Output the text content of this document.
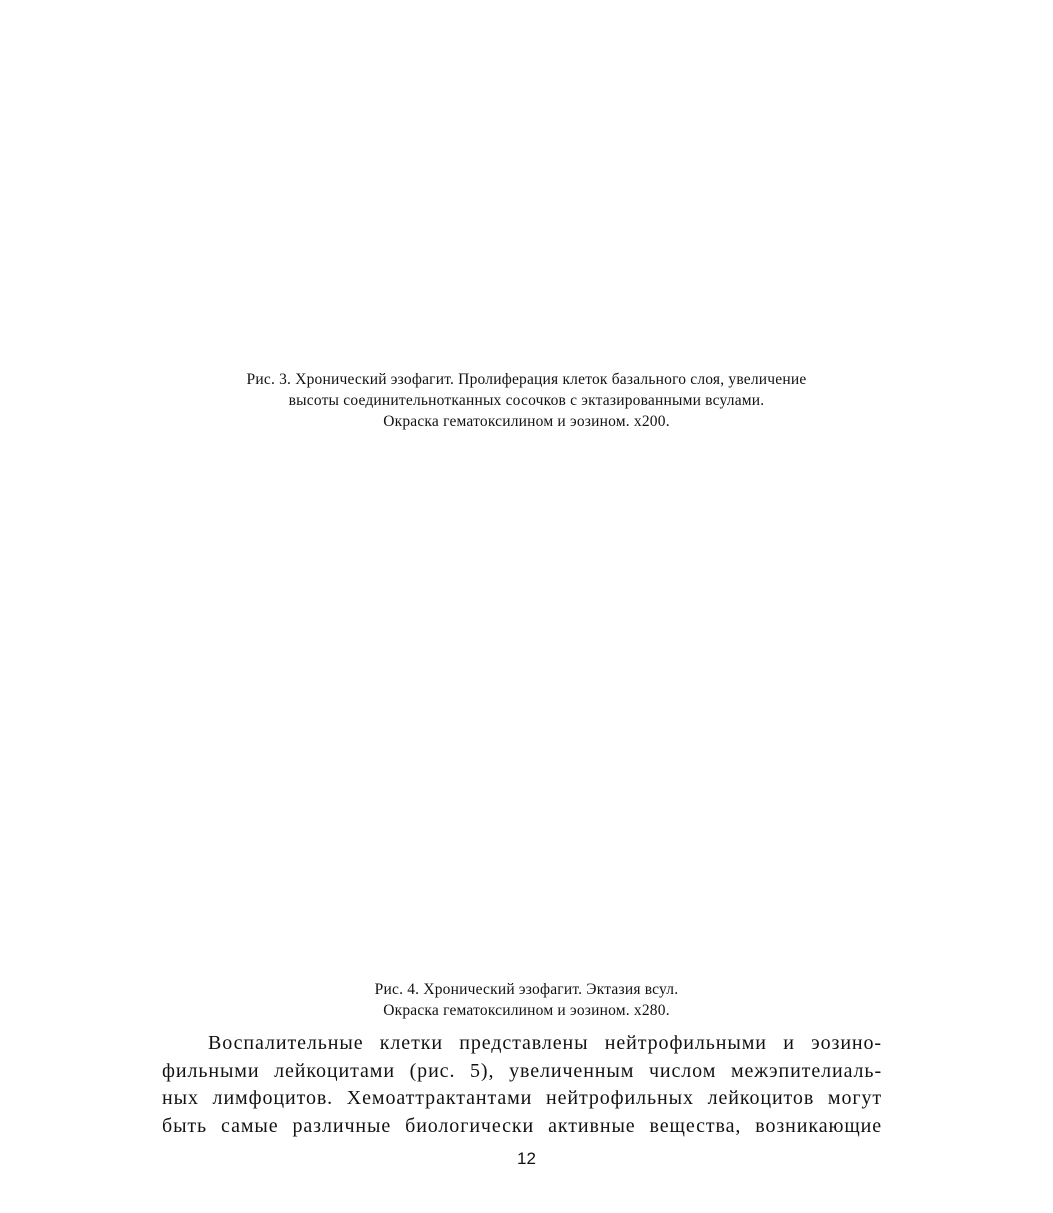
Рис. 3. Хронический эзофагит. Пролиферация клеток базального слоя, увеличение
высоты соединительнотканных сосочков с эктазированными всулами.
Окраска гематоксилином и эозином. х200.
Рис. 4. Хронический эзофагит. Эктазия всул.
Окраска гематоксилином и эозином. х280.
Воспалительные клетки представлены нейтрофильными и эозино-
фильными лейкоцитами (рис. 5), увеличенным числом межэпителиаль-
ных лимфоцитов. Хемоаттрактантами нейтрофильных лейкоцитов могут
быть самые различные биологически активные вещества, возникающие
12
